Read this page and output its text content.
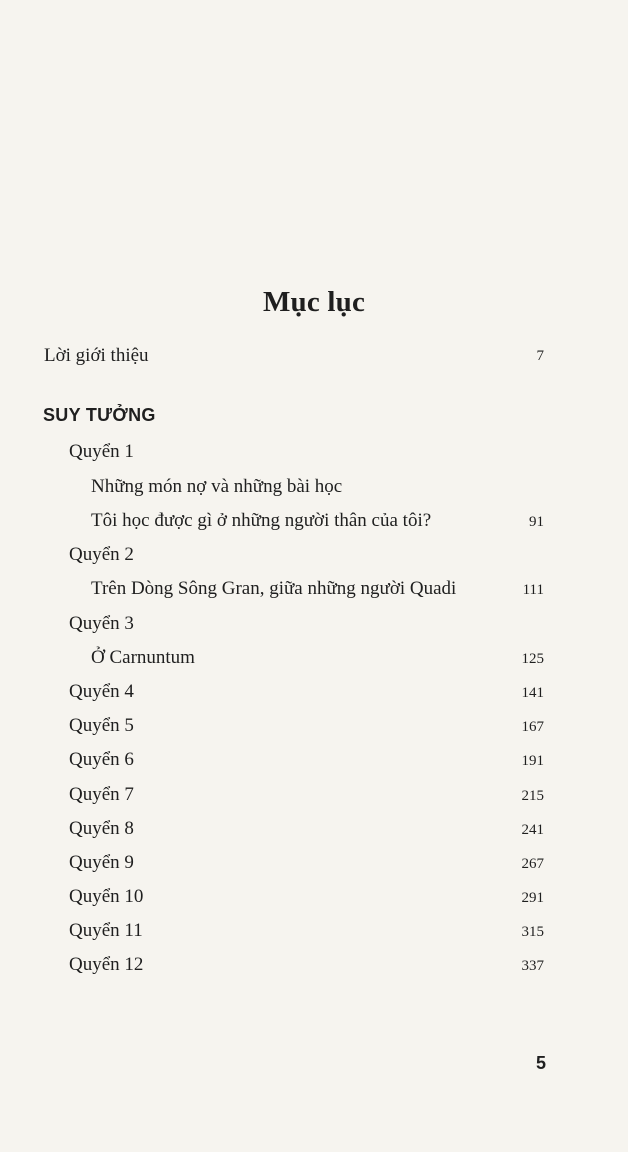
Mục lục
Lời giới thiệu	7
SUY TƯỞNG
Quyển 1
Những món nợ và những bài học
Tôi học được gì ở những người thân của tôi?	91
Quyển 2
Trên Dòng Sông Gran, giữa những người Quadi	111
Quyển 3
Ở Carnuntum	125
Quyển 4	141
Quyển 5	167
Quyển 6	191
Quyển 7	215
Quyển 8	241
Quyển 9	267
Quyển 10	291
Quyển 11	315
Quyển 12	337
5
